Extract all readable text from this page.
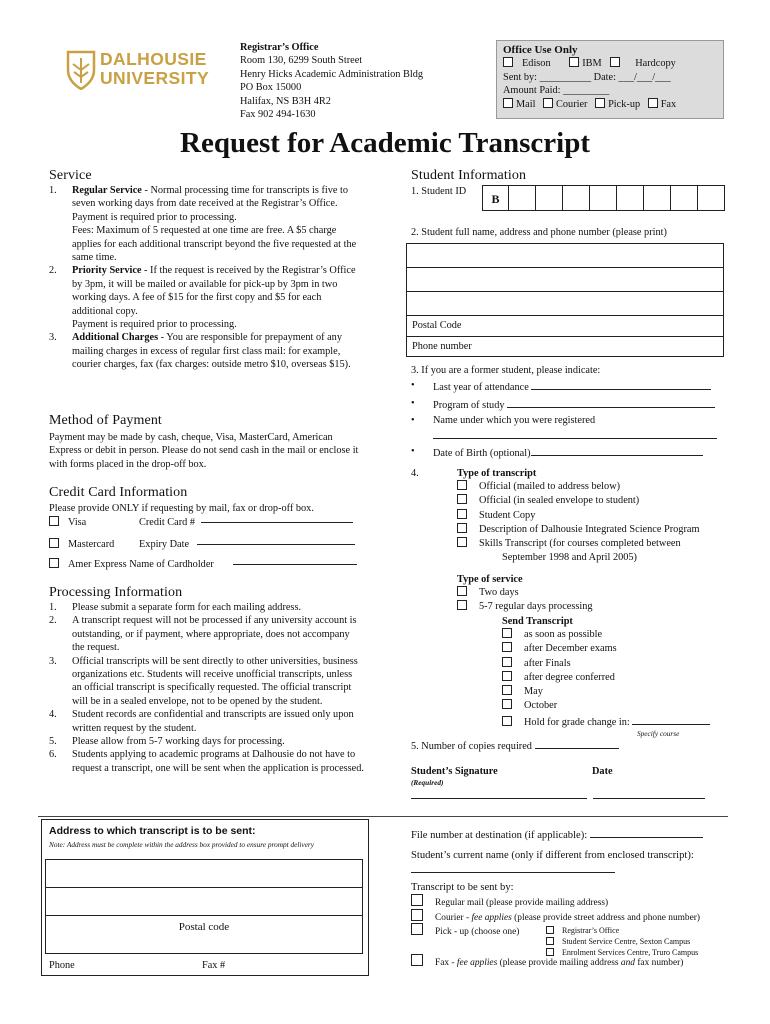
DALHOUSIE
UNIVERSITY
Registrar’s Office
Room 130, 6299 South Street
Henry Hicks Academic Administration Bldg
PO Box 15000
Halifax, NS B3H 4R2
Fax 902 494-1630
Office Use Only
Edison	IBM	Hardcopy
Sent by: __________ Date: ___/___/___
Amount Paid: _________
Mail Courier Pick-up Fax
Request for Academic Transcript
Service
1. Regular Service - Normal processing time for transcripts is five to seven working days from date received at the Registrar’s Office.
Payment is required prior to processing.
Fees: Maximum of 5 requested at one time are free. A $5 charge applies for each additional transcript beyond the five requested at the same time.
2. Priority Service - If the request is received by the Registrar’s Office by 3pm, it will be mailed or available for pick-up by 3pm in two working days. A fee of $15 for the first copy and $5 for each additional copy.
Payment is required prior to processing.
3. Additional Charges - You are responsible for prepayment of any mailing charges in excess of regular first class mail: for example, courier charges, fax (fax charges: outside metro $10, overseas $15).
Method of Payment
Payment may be made by cash, cheque, Visa, MasterCard, American Express or debit in person. Please do not send cash in the mail or enclose it with forms placed in the drop-off box.
Credit Card Information
Please provide ONLY if requesting by mail, fax or drop-off box.
Visa	Credit Card #
Mastercard Expiry Date
Amer Express Name of Cardholder
Processing Information
1. Please submit a separate form for each mailing address.
2. A transcript request will not be processed if any university account is outstanding, or if payment, where appropriate, does not accompany the request.
3. Official transcripts will be sent directly to other universities, business organizations etc. Students will receive unofficial transcripts, unless an official transcript is specifically requested. The official transcript will be in a sealed envelope, not to be opened by the student.
4. Student records are confidential and transcripts are issued only upon written request by the student.
5. Please allow from 5-7 working days for processing.
6. Students applying to academic programs at Dalhousie do not have to request a transcript, one will be sent when the application is processed.
Student Information
1. Student ID
B
2. Student full name, address and phone number (please print)
Postal Code
Phone number
3. If you are a former student, please indicate:
• Last year of attendance
• Program of study
• Name under which you were registered
• Date of Birth (optional)
4.	Type of transcript
Official (mailed to address below)
Official (in sealed envelope to student)
Student Copy
Description of Dalhousie Integrated Science Program
Skills Transcript (for courses completed between
September 1998 and April 2005)
Type of service
Two days
5-7 regular days processing
Send Transcript
as soon as possible
after December exams
after Finals
after degree conferred
May
October
Hold for grade change in:
Specify course
5. Number of copies required
Student’s Signature
(Required)
Date
Address to which transcript is to be sent:
Note: Address must be complete within the address box provided to ensure prompt delivery
Postal code
Phone	Fax #
File number at destination (if applicable):
Student’s current name (only if different from enclosed transcript):
Transcript to be sent by:
Regular mail (please provide mailing address)
Courier - fee applies (please provide street address and phone number)
Pick - up (choose one)	Registrar’s Office
Student Service Centre, Sexton Campus
Enrolment Services Centre, Truro Campus
Fax - fee applies (please provide mailing address and fax number)
